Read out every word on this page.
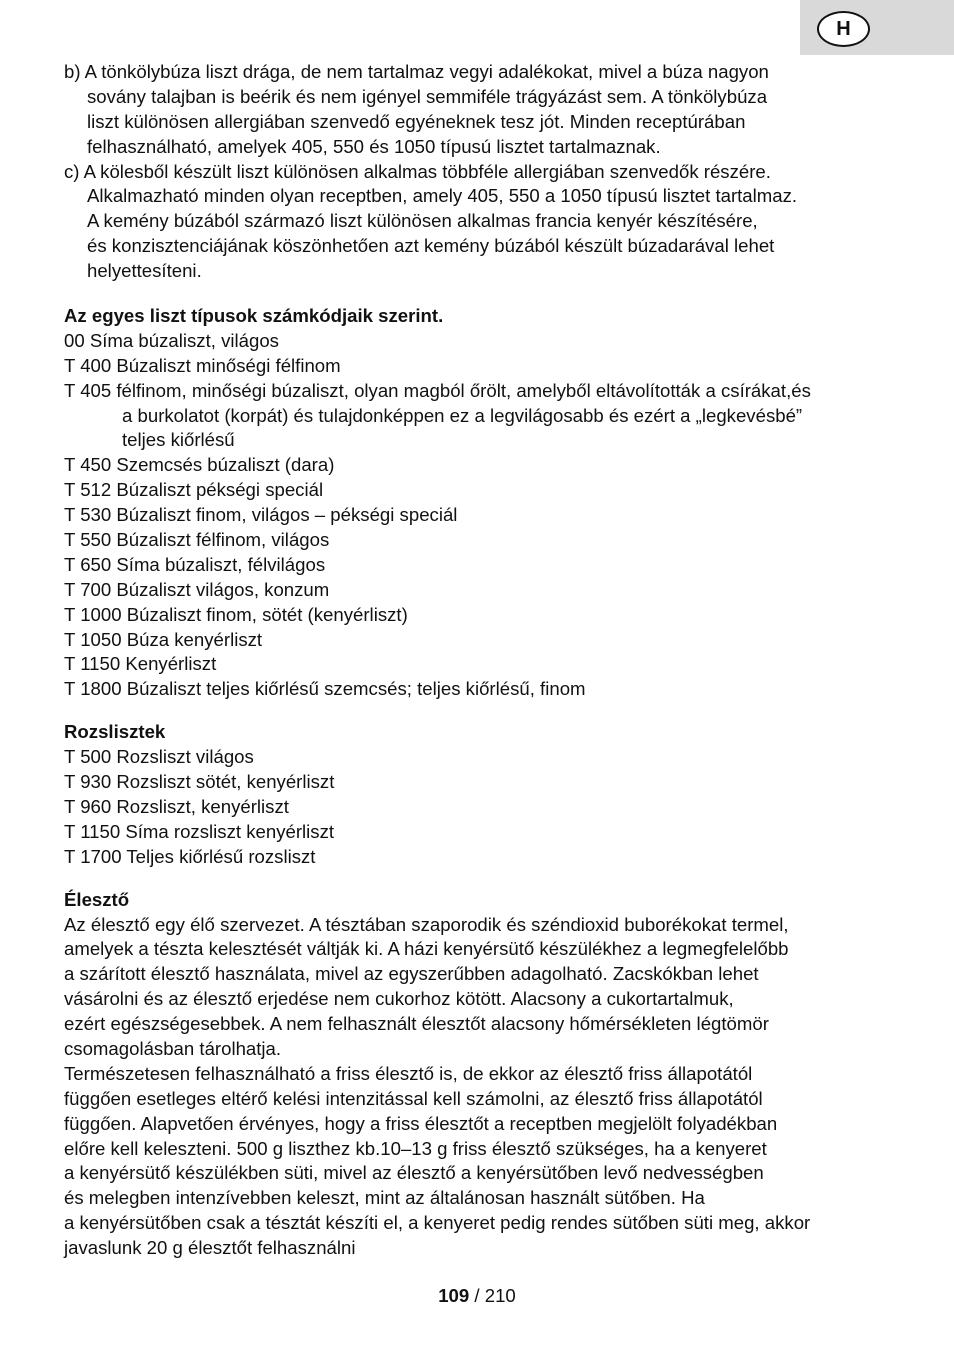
H
b) A tönkölybúza liszt drága, de nem tartalmaz vegyi adalékokat, mivel a búza nagyon
sovány talajban is beérik és nem igényel semmiféle trágyázást sem. A tönkölybúza
liszt különösen allergiában szenvedő egyéneknek tesz jót. Minden receptúrában
felhasználható, amelyek 405, 550 és 1050 típusú lisztet tartalmaznak.
c) A kölesből készült liszt különösen alkalmas többféle allergiában szenvedők részére.
Alkalmazható minden olyan receptben, amely 405, 550 a 1050 típusú lisztet tartalmaz.
A kemény búzából származó liszt különösen alkalmas francia kenyér készítésére,
és konzisztenciájának köszönhetően azt kemény búzából készült búzadarával lehet
helyettesíteni.
Az egyes liszt típusok számkódjaik szerint.
00 Síma búzaliszt, világos
T 400 Búzaliszt minőségi félfinom
T 405 félfinom, minőségi búzaliszt, olyan magból őrölt, amelyből eltávolították a csírákat,és
a burkolatot (korpát) és tulajdonképpen ez a legvilágosabb és ezért a „legkevésbé”
teljes kiőrlésű
T 450 Szemcsés búzaliszt (dara)
T 512 Búzaliszt pékségi speciál
T 530 Búzaliszt finom, világos – pékségi speciál
T 550 Búzaliszt félfinom, világos
T 650 Síma búzaliszt, félvilágos
T 700 Búzaliszt világos, konzum
T 1000 Búzaliszt finom, sötét (kenyérliszt)
T 1050 Búza kenyérliszt
T 1150 Kenyérliszt
T 1800 Búzaliszt teljes kiőrlésű szemcsés; teljes kiőrlésű, finom
Rozslisztek
T 500 Rozsliszt világos
T 930 Rozsliszt sötét, kenyérliszt
T 960 Rozsliszt, kenyérliszt
T 1150 Síma rozsliszt kenyérliszt
T 1700 Teljes kiőrlésű rozsliszt
Élesztő
Az élesztő egy élő szervezet. A tésztában szaporodik és széndioxid buborékokat termel,
amelyek a tészta kelesztését váltják ki. A házi kenyérsütő készülékhez a legmegfelelőbb
a szárított élesztő használata, mivel az egyszerűbben adagolható. Zacskókban lehet
vásárolni és az élesztő erjedése nem cukorhoz kötött. Alacsony a cukortartalmuk,
ezért egészségesebbek. A nem felhasznált élesztőt alacsony hőmérsékleten légtömör
csomagolásban tárolhatja.
Természetesen felhasználható a friss élesztő is, de ekkor az élesztő friss állapotától
függően esetleges eltérő kelési intenzitással kell számolni, az élesztő friss állapotától
függően. Alapvetően érvényes, hogy a friss élesztőt a receptben megjelölt folyadékban
előre kell keleszteni. 500 g liszthez kb.10–13 g friss élesztő szükséges, ha a kenyeret
a kenyérsütő készülékben süti, mivel az élesztő a kenyérsütőben levő nedvességben
és melegben intenzívebben keleszt, mint az általánosan használt sütőben. Ha
a kenyérsütőben csak a tésztát készíti el, a kenyeret pedig rendes sütőben süti meg, akkor
javaslunk 20 g élesztőt felhasználni
109 / 210
